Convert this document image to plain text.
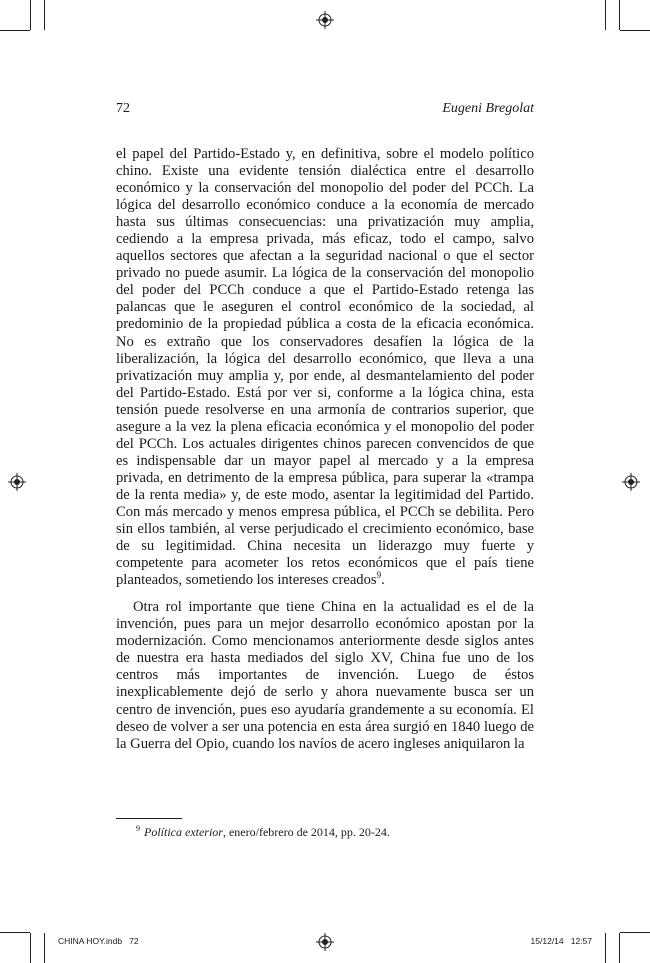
72	Eugeni Bregolat

el papel del Partido-Estado y, en definitiva, sobre el modelo político chino. Existe una evidente tensión dialéctica entre el desarrollo económico y la conservación del monopolio del poder del PCCh. La lógica del desarrollo económico conduce a la economía de mercado hasta sus últimas consecuencias: una privatización muy amplia, cediendo a la empresa privada, más eficaz, todo el campo, salvo aquellos sectores que afectan a la seguridad nacional o que el sector privado no puede asumir. La lógica de la conservación del monopolio del poder del PCCh conduce a que el Partido-Estado retenga las palancas que le aseguren el control económico de la sociedad, al predominio de la propiedad pública a costa de la eficacia económica. No es extraño que los conservadores desafíen la lógica de la liberalización, la lógica del desarrollo económico, que lleva a una privatización muy amplia y, por ende, al desmantelamiento del poder del Partido-Estado. Está por ver si, conforme a la lógica china, esta tensión puede resolverse en una armonía de contrarios superior, que asegure a la vez la plena eficacia económica y el monopolio del poder del PCCh. Los actuales dirigentes chinos parecen convencidos de que es indispensable dar un mayor papel al mercado y a la empresa privada, en detrimento de la empresa pública, para superar la «trampa de la renta media» y, de este modo, asentar la legitimidad del Partido. Con más mercado y menos empresa pública, el PCCh se debilita. Pero sin ellos también, al verse perjudicado el crecimiento económico, base de su legitimidad. China necesita un liderazgo muy fuerte y competente para acometer los retos económicos que el país tiene planteados, sometiendo los intereses creados$^9$.

Otra rol importante que tiene China en la actualidad es el de la invención, pues para un mejor desarrollo económico apostan por la modernización. Como mencionamos anteriormente desde siglos antes de nuestra era hasta mediados del siglo XV, China fue uno de los centros más importantes de invención. Luego de éstos inexplicablemente dejó de serlo y ahora nuevamente busca ser un centro de invención, pues eso ayudaría grandemente a su economía. El deseo de volver a ser una potencia en esta área surgió en 1840 luego de la Guerra del Opio, cuando los navíos de acero ingleses aniquilaron la

$^9$ Política exterior, enero/febrero de 2014, pp. 20-24.
CHINA HOY.indb   72	15/12/14   12:57
